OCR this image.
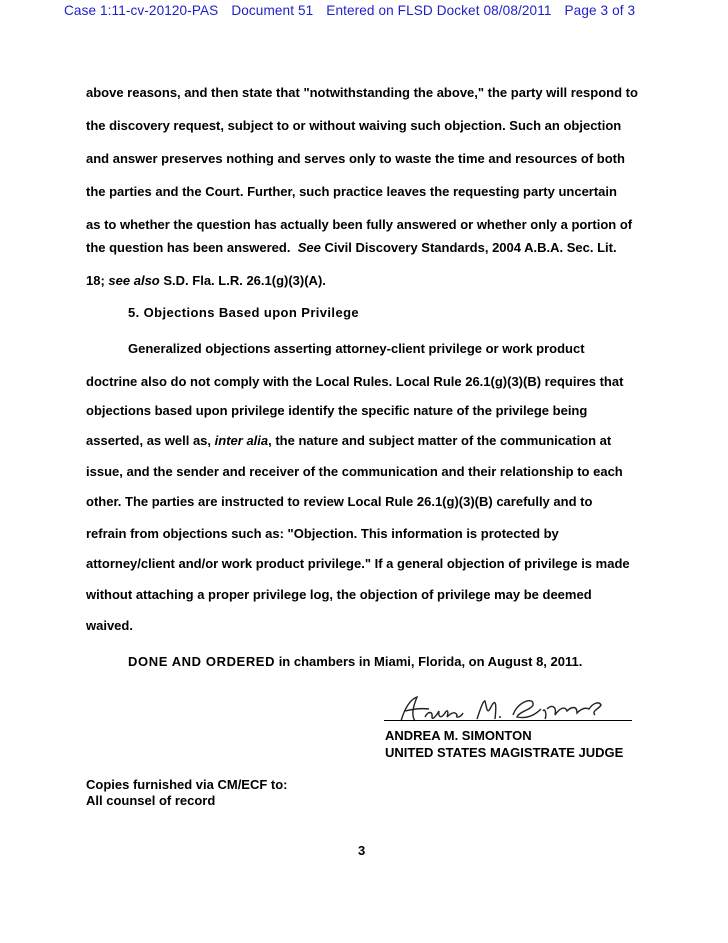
Case 1:11-cv-20120-PAS Document 51 Entered on FLSD Docket 08/08/2011 Page 3 of 3
above reasons, and then state that "notwithstanding the above," the party will respond to
the discovery request, subject to or without waiving such objection. Such an objection
and answer preserves nothing and serves only to waste the time and resources of both
the parties and the Court. Further, such practice leaves the requesting party uncertain
as to whether the question has actually been fully answered or whether only a portion of
the question has been answered. See Civil Discovery Standards, 2004 A.B.A. Sec. Lit.
18; see also S.D. Fla. L.R. 26.1(g)(3)(A).
5. Objections Based upon Privilege
Generalized objections asserting attorney-client privilege or work product
doctrine also do not comply with the Local Rules. Local Rule 26.1(g)(3)(B) requires that
objections based upon privilege identify the specific nature of the privilege being
asserted, as well as, inter alia, the nature and subject matter of the communication at
issue, and the sender and receiver of the communication and their relationship to each
other. The parties are instructed to review Local Rule 26.1(g)(3)(B) carefully and to
refrain from objections such as: "Objection. This information is protected by
attorney/client and/or work product privilege." If a general objection of privilege is made
without attaching a proper privilege log, the objection of privilege may be deemed
waived.
DONE AND ORDERED in chambers in Miami, Florida, on August 8, 2011.
ANDREA M. SIMONTON
UNITED STATES MAGISTRATE JUDGE
Copies furnished via CM/ECF to:
All counsel of record
3
